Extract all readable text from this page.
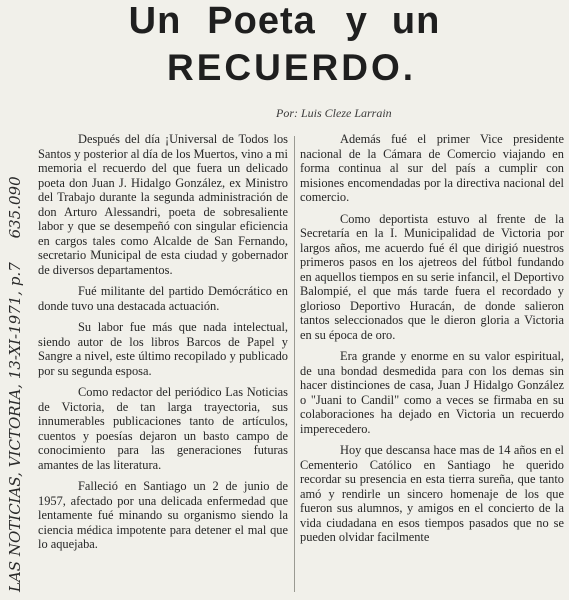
Un Poeta y un
RECUERDO.
Por: Luis Cleze Larrain
LAS NOTICIAS, VICTORIA, 13-XI-1971, p.7     635.090

Después del día ¡Universal de Todos los Santos y posterior al día de los Muertos, vino a mi memoria el recuerdo del que fuera un delicado poeta don Juan J. Hidalgo González, ex Ministro del Trabajo durante la segunda administración de don Arturo Alessandri, poeta de sobresaliente labor y que se desempeñó con singular eficiencia en cargos tales como Alcalde de San Fernando, secretario Municipal de esta ciudad y gobernador de diversos departamentos.

Fué militante del partido Demócrático en donde tuvo una destacada actuación.

Su labor fue más que nada intelectual, siendo autor de los libros Barcos de Papel y Sangre a nivel, este último recopilado y publicado por su segunda esposa.

Como redactor del periódico Las Noticias de Victoria, de tan larga trayectoria, sus innumerables publicaciones tanto de artículos, cuentos y poesías dejaron un basto campo de conocimiento para las generaciones futuras amantes de las literatura.

Falleció en Santiago un 2 de junio de 1957, afectado por una delicada enfermedad que lentamente fué minando su organismo siendo la ciencia médica impotente para detener el mal que lo aquejaba.

Además fué el primer Vice presidente nacional de la Cámara de Comercio viajando en forma continua al sur del país a cumplir con misiones encomendadas por la directiva nacional del comercio.

Como deportista estuvo al frente de la Secretaría en la I. Municipalidad de Victoria por largos años, me acuerdo fué él que dirigió nuestros primeros pasos en los ajetreos del fútbol fundando en aquellos tiempos en su serie infancil, el Deportivo Balompié, el que más tarde fuera el recordado y glorioso Deportivo Huracán, de donde salieron tantos seleccionados que le dieron gloria a Victoria en su época de oro.

Era grande y enorme en su valor espiritual, de una bondad desmedida para con los demas sin hacer distinciones de casa, Juan J Hidalgo González o "Juani to Candil" como a veces se firmaba en su colaboraciones ha dejado en Victoria un recuerdo imperecedero.

Hoy que descansa hace mas de 14 años en el Cementerio Católico en Santiago he querido recordar su presencia en esta tierra sureña, que tanto amó y rendirle un sincero homenaje de los que fueron sus alumnos, y amigos en el concierto de la vida ciudadana en esos tiempos pasados que no se pueden olvidar facilmente
